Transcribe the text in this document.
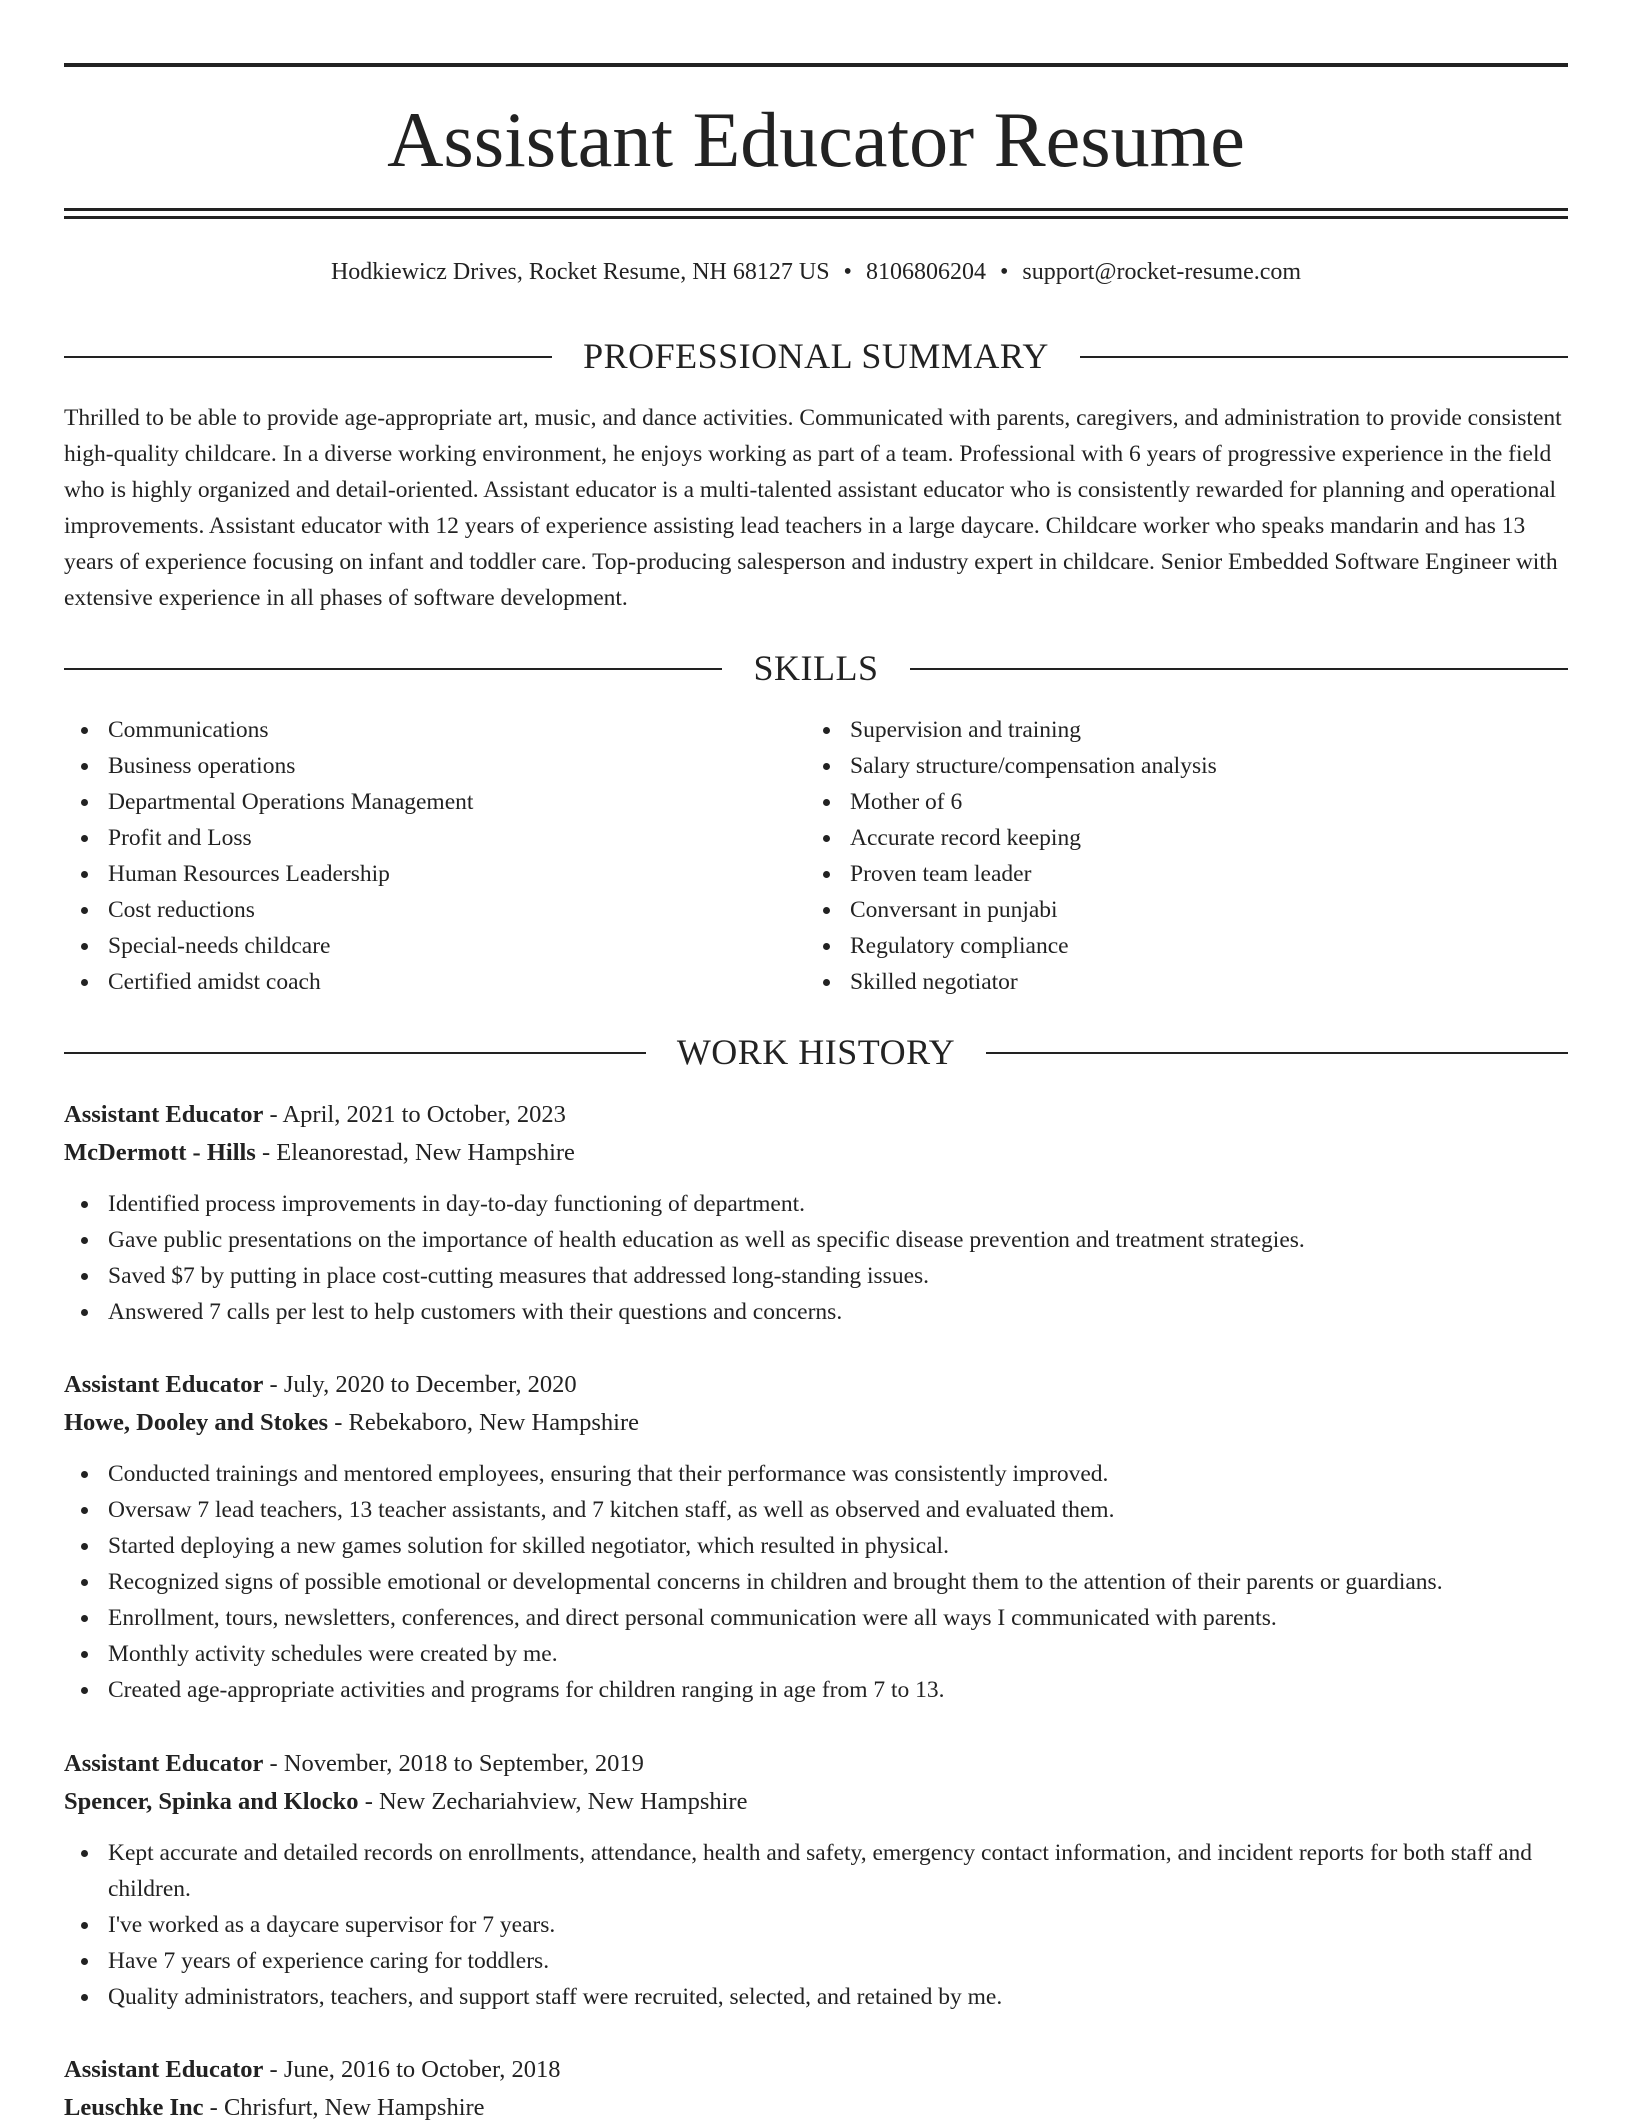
Assistant Educator Resume
Hodkiewicz Drives, Rocket Resume, NH 68127 US • 8106806204 • support@rocket-resume.com
PROFESSIONAL SUMMARY

Thrilled to be able to provide age-appropriate art, music, and dance activities. Communicated with parents, caregivers, and administration to provide consistent high-quality childcare. In a diverse working environment, he enjoys working as part of a team. Professional with 6 years of progressive experience in the field who is highly organized and detail-oriented. Assistant educator is a multi-talented assistant educator who is consistently rewarded for planning and operational improvements. Assistant educator with 12 years of experience assisting lead teachers in a large daycare. Childcare worker who speaks mandarin and has 13 years of experience focusing on infant and toddler care. Top-producing salesperson and industry expert in childcare. Senior Embedded Software Engineer with extensive experience in all phases of software development.

SKILLS
Communications
Business operations
Departmental Operations Management
Profit and Loss
Human Resources Leadership
Cost reductions
Special-needs childcare
Certified amidst coach
Supervision and training
Salary structure/compensation analysis
Mother of 6
Accurate record keeping
Proven team leader
Conversant in punjabi
Regulatory compliance
Skilled negotiator
WORK HISTORY

Assistant Educator - April, 2021 to October, 2023

McDermott - Hills - Eleanorestad, New Hampshire

Identified process improvements in day-to-day functioning of department.
Gave public presentations on the importance of health education as well as specific disease prevention and treatment strategies.
Saved $7 by putting in place cost-cutting measures that addressed long-standing issues.
Answered 7 calls per lest to help customers with their questions and concerns.

Assistant Educator - July, 2020 to December, 2020

Howe, Dooley and Stokes - Rebekaboro, New Hampshire

Conducted trainings and mentored employees, ensuring that their performance was consistently improved.
Oversaw 7 lead teachers, 13 teacher assistants, and 7 kitchen staff, as well as observed and evaluated them.
Started deploying a new games solution for skilled negotiator, which resulted in physical.
Recognized signs of possible emotional or developmental concerns in children and brought them to the attention of their parents or guardians.
Enrollment, tours, newsletters, conferences, and direct personal communication were all ways I communicated with parents.
Monthly activity schedules were created by me.
Created age-appropriate activities and programs for children ranging in age from 7 to 13.

Assistant Educator - November, 2018 to September, 2019

Spencer, Spinka and Klocko - New Zechariahview, New Hampshire

Kept accurate and detailed records on enrollments, attendance, health and safety, emergency contact information, and incident reports for both staff and children.
I've worked as a daycare supervisor for 7 years.
Have 7 years of experience caring for toddlers.
Quality administrators, teachers, and support staff were recruited, selected, and retained by me.

Assistant Educator - June, 2016 to October, 2018

Leuschke Inc - Chrisfurt, New Hampshire
